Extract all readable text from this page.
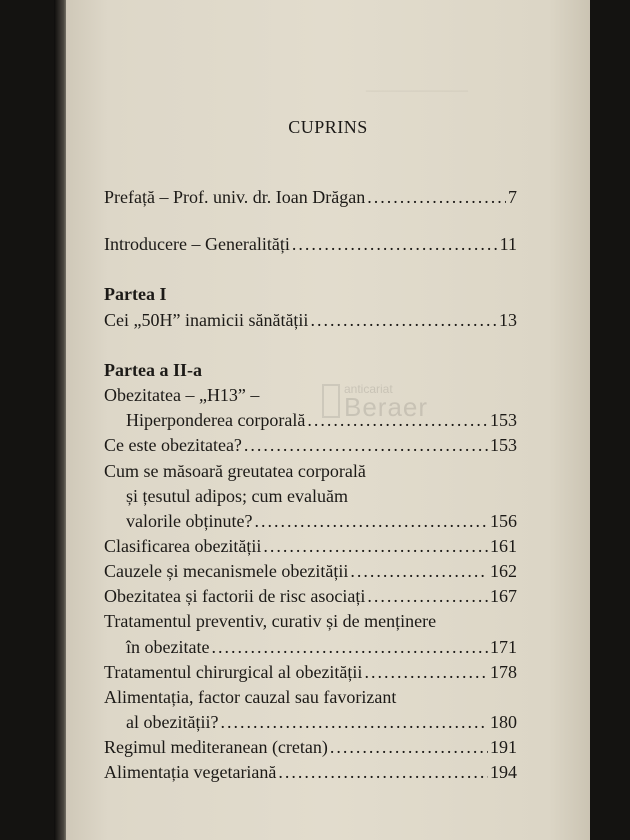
——————
CUPRINS
Prefață – Prof. univ. dr. Ioan Drăgan .....	7
Introducere – Generalități .....	11
Partea I
Cei „50H” inamicii sănătății .....	13
Partea a II-a
Obezitatea – „H13” –
Hiperponderea corporală .....	153
Ce este obezitatea? .....	153
Cum se măsoară greutatea corporală
și țesutul adipos; cum evaluăm
valorile obținute? .....	156
Clasificarea obezității .....	161
Cauzele și mecanismele obezității .....	162
Obezitatea și factorii de risc asociați .....	167
Tratamentul preventiv, curativ și de menținere
în obezitate .....	171
Tratamentul chirurgical al obezității .....	178
Alimentația, factor cauzal sau favorizant
al obezității? .....	180
Regimul mediteranean (cretan) .....	191
Alimentația vegetariană .....	194
anticariat
Beraer
